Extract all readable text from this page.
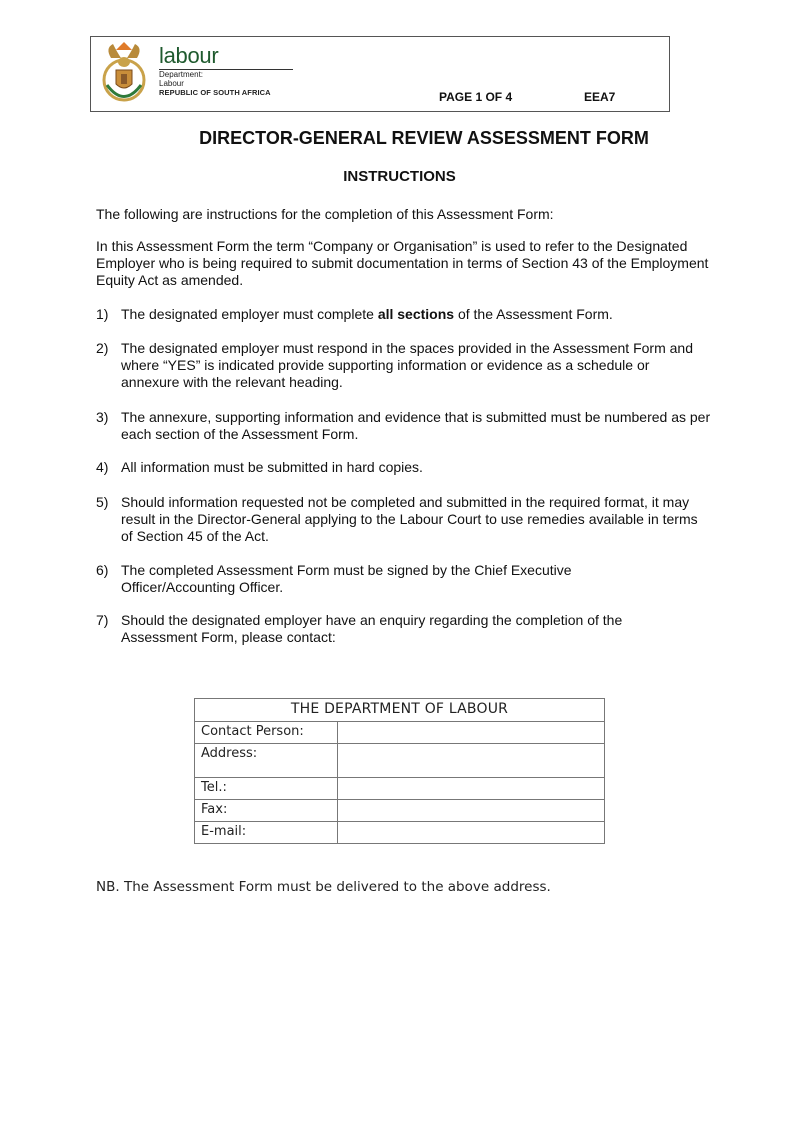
labour
Department:
Labour
REPUBLIC OF SOUTH AFRICA	PAGE 1 OF 4	EEA7
DIRECTOR-GENERAL REVIEW ASSESSMENT FORM
INSTRUCTIONS
The following are instructions for the completion of this Assessment Form:
In this Assessment Form the term “Company or Organisation” is used to refer to the Designated Employer who is being required to submit documentation in terms of Section 43 of the Employment Equity Act as amended.
1) The designated employer must complete all sections of the Assessment Form.
2) The designated employer must respond in the spaces provided in the Assessment Form and where “YES” is indicated provide supporting information or evidence as a schedule or annexure with the relevant heading.
3) The annexure, supporting information and evidence that is submitted must be numbered as per each section of the Assessment Form.
4) All information must be submitted in hard copies.
5) Should information requested not be completed and submitted in the required format, it may result in the Director-General applying to the Labour Court to use remedies available in terms of Section 45 of the Act.
6) The completed Assessment Form must be signed by the Chief Executive Officer/Accounting Officer.
7) Should the designated employer have an enquiry regarding the completion of the Assessment Form, please contact:
THE DEPARTMENT OF LABOUR	
Contact Person:	
Address:	
Tel.:	
Fax:	
E-mail:	
NB. The Assessment Form must be delivered to the above address.
